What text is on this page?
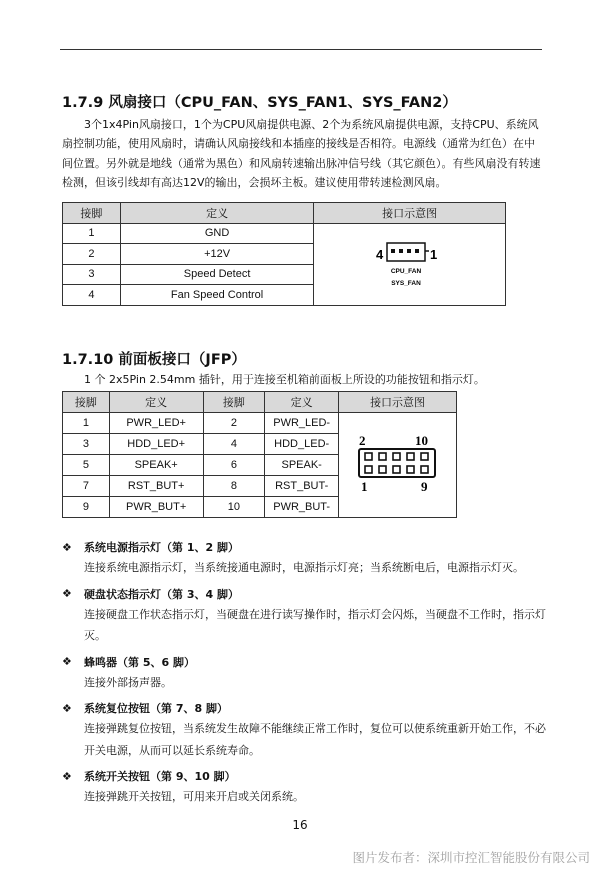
1.7.9 风扇接口（CPU_FAN、SYS_FAN1、SYS_FAN2）
3个1x4Pin风扇接口，1个为CPU风扇提供电源、2个为系统风扇提供电源，支持CPU、系统风扇控制功能，使用风扇时，请确认风扇接线和本插座的接线是否相符。电源线（通常为红色）在中间位置。另外就是地线（通常为黑色）和风扇转速输出脉冲信号线（其它颜色）。有些风扇没有转速检测，但该引线却有高达12V的输出，会损坏主板。建议使用带转速检测风扇。
接脚	定义	接口示意图
1	GND	4 1
CPU_FAN
SYS_FAN

2	+12V	
3	Speed Detect	
4	Fan Speed Control	
1.7.10 前面板接口（JFP）
1 个 2x5Pin 2.54mm 插针，用于连接至机箱前面板上所设的功能按钮和指示灯。
接脚	定义	接脚	定义	接口示意图
1	PWR_LED+	2	PWR_LED-	2 10
1 9

3	HDD_LED+	4	HDD_LED-	
5	SPEAK+	6	SPEAK-	
7	RST_BUT+	8	RST_BUT-	
9	PWR_BUT+	10	PWR_BUT-	
❖	系统电源指示灯（第 1、2 脚）
连接系统电源指示灯，当系统接通电源时，电源指示灯亮；当系统断电后，电源指示灯灭。
❖	硬盘状态指示灯（第 3、4 脚）
连接硬盘工作状态指示灯，当硬盘在进行读写操作时，指示灯会闪烁，当硬盘不工作时，指示灯灭。
❖	蜂鸣器（第 5、6 脚）
连接外部扬声器。
❖	系统复位按钮（第 7、8 脚）
连接弹跳复位按钮，当系统发生故障不能继续正常工作时，复位可以使系统重新开始工作，不必开关电源，从而可以延长系统寿命。
❖	系统开关按钮（第 9、10 脚）
连接弹跳开关按钮，可用来开启或关闭系统。
16
图片发布者：深圳市控汇智能股份有限公司
